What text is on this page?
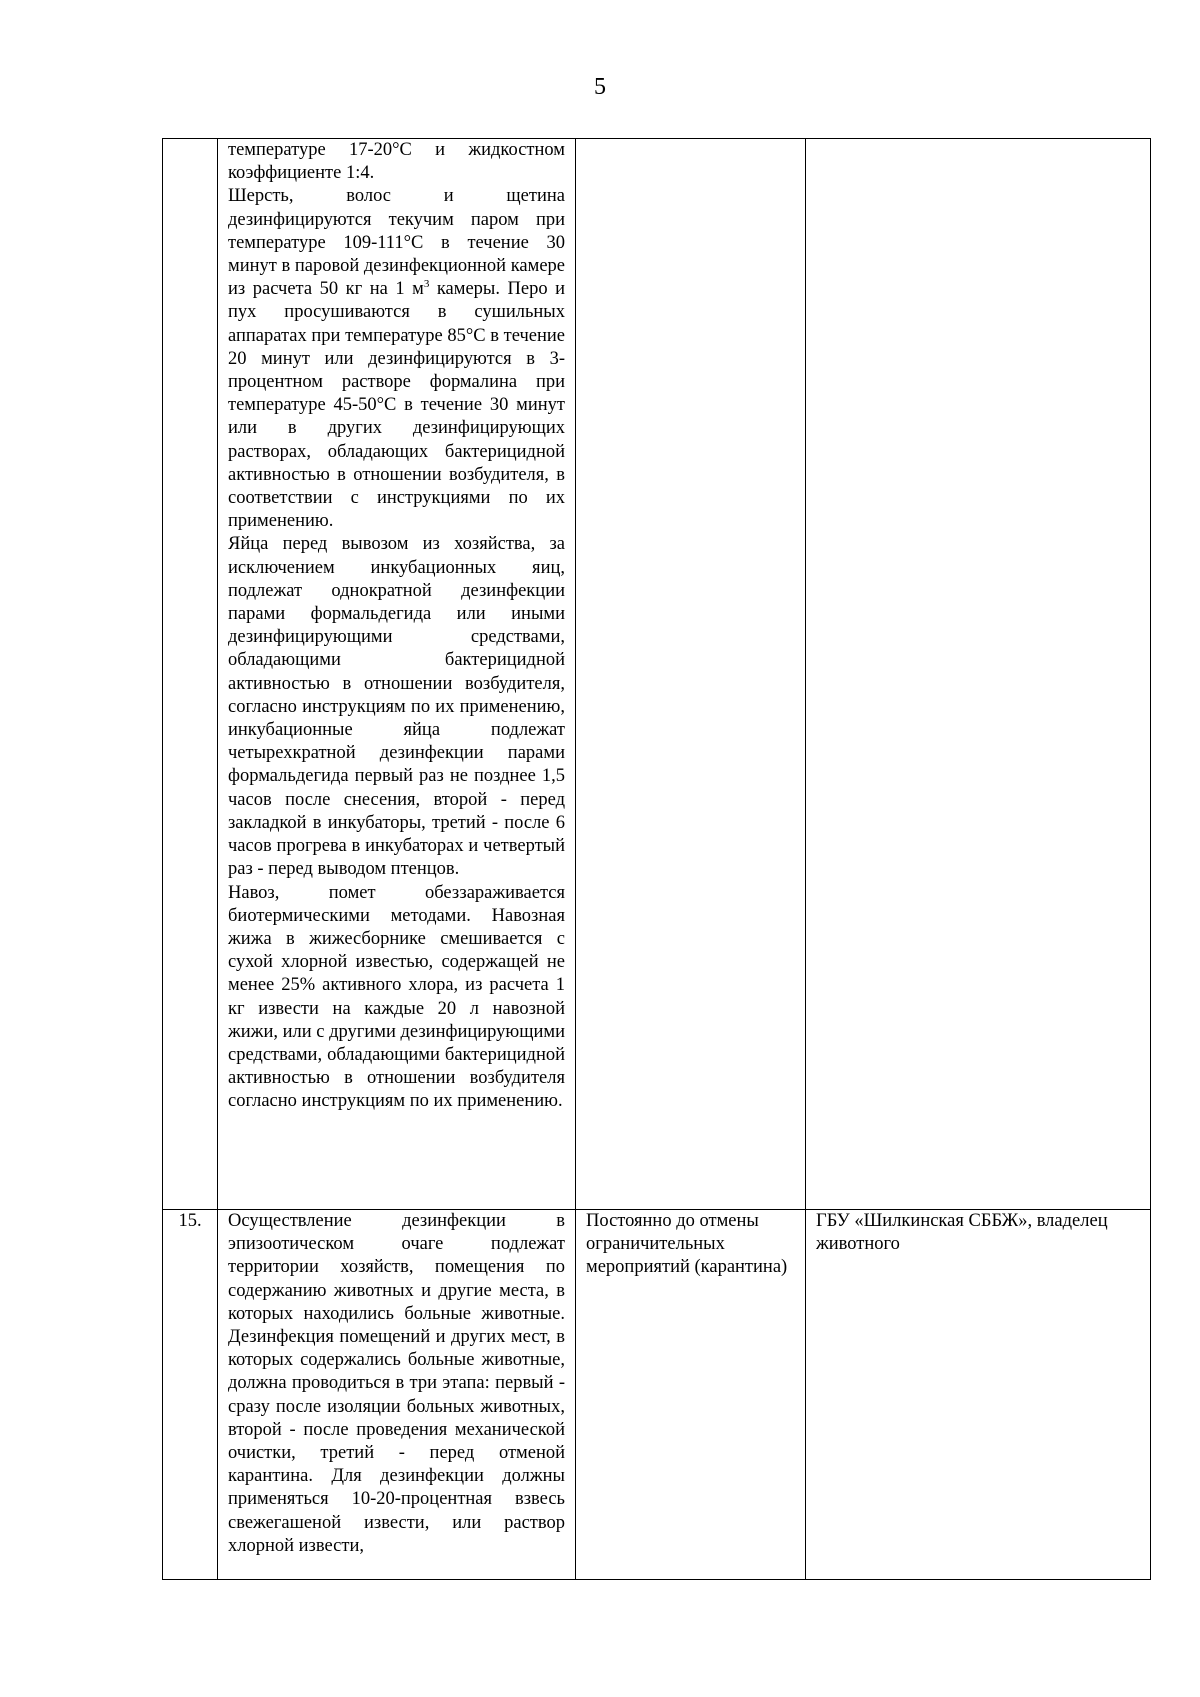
5

	температуре 17-20°С и жидкостном коэффициенте 1:4.

Шерсть, волос и щетина дезинфицируются текучим паром при температуре 109-111°С в течение 30 минут в паровой дезинфекционной камере из расчета 50 кг на 1 $м^3$ камеры. Перо и пух просушиваются в сушильных аппаратах при температуре 85°С в течение 20 минут или дезинфицируются в 3-процентном растворе формалина при температуре 45-50°С в течение 30 минут или в других дезинфицирующих растворах, обладающих бактерицидной активностью в отношении возбудителя, в соответствии с инструкциями по их применению.

Яйца перед вывозом из хозяйства, за исключением инкубационных яиц, подлежат однократной дезинфекции парами формальдегида или иными дезинфицирующими средствами, обладающими бактерицидной активностью в отношении возбудителя, согласно инструкциям по их применению, инкубационные яйца подлежат четырехкратной дезинфекции парами формальдегида первый раз не позднее 1,5 часов после снесения, второй - перед закладкой в инкубаторы, третий - после 6 часов прогрева в инкубаторах и четвертый раз - перед выводом птенцов.

Навоз, помет обеззараживается биотермическими методами. Навозная жижа в жижесборнике смешивается с сухой хлорной известью, содержащей не менее 25% активного хлора, из расчета 1 кг извести на каждые 20 л навозной жижи, или с другими дезинфицирующими средствами, обладающими бактерицидной активностью в отношении возбудителя согласно инструкциям по их применению.		

15.	Осуществление дезинфекции в эпизоотическом очаге подлежат территории хозяйств, помещения по содержанию животных и другие места, в которых находились больные животные. Дезинфекция помещений и других мест, в которых содержались больные животные, должна проводиться в три этапа: первый - сразу после изоляции больных животных, второй - после проведения механической очистки, третий - перед отменой карантина. Для дезинфекции должны применяться 10-20-процентная взвесь свежегашеной извести, или раствор хлорной извести,	Постоянно до отмены ограничительных мероприятий (карантина)	ГБУ «Шилкинская СББЖ», владелец животного
